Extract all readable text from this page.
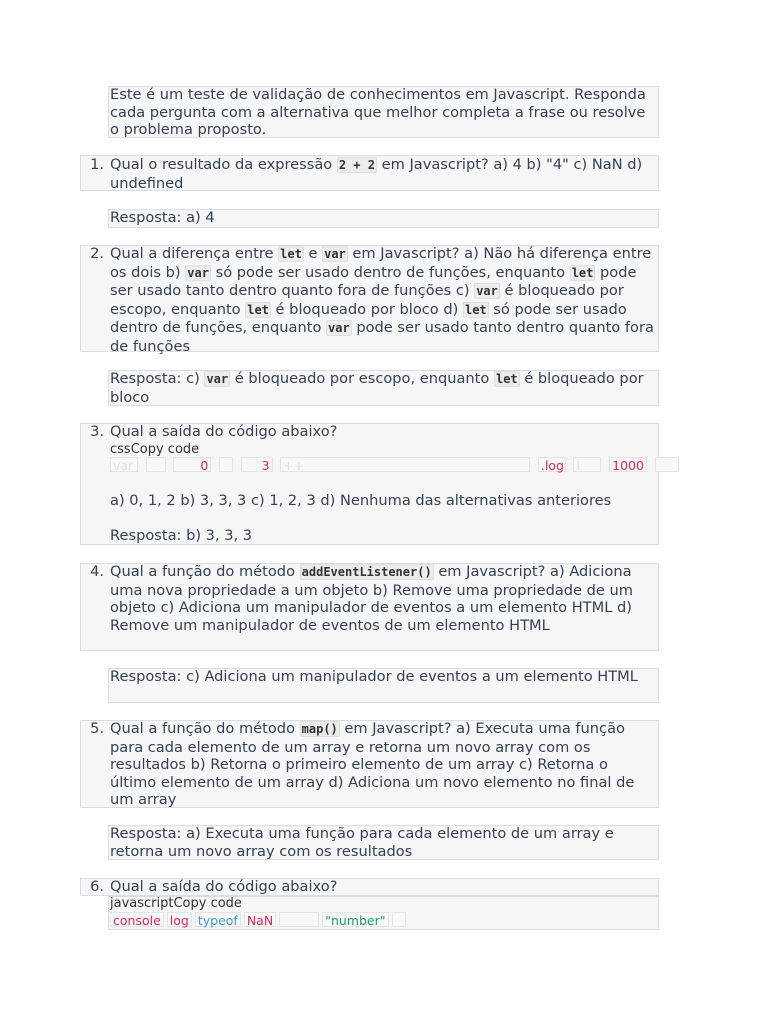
Este é um teste de validação de conhecimentos em Javascript. Responda cada pergunta com a alternativa que melhor completa a frase ou resolve o problema proposto.
1. Qual o resultado da expressão 2 + 2 em Javascript? a) 4 b) "4" c) NaN d) undefined
Resposta: a) 4
2. Qual a diferença entre let e var em Javascript? a) Não há diferença entre os dois b) var só pode ser usado dentro de funções, enquanto let pode ser usado tanto dentro quanto fora de funções c) var é bloqueado por escopo, enquanto let é bloqueado por bloco d) let só pode ser usado dentro de funções, enquanto var pode ser usado tanto dentro quanto fora de funções
Resposta: c) var é bloqueado por escopo, enquanto let é bloqueado por bloco
3. Qual a saída do código abaixo?
cssCopy code
var	0	3 ++	.log i	1000
a) 0, 1, 2 b) 3, 3, 3 c) 1, 2, 3 d) Nenhuma das alternativas anteriores
Resposta: b) 3, 3, 3
4. Qual a função do método addEventListener() em Javascript? a) Adiciona uma nova propriedade a um objeto b) Remove uma propriedade de um objeto c) Adiciona um manipulador de eventos a um elemento HTML d) Remove um manipulador de eventos de um elemento HTML
Resposta: c) Adiciona um manipulador de eventos a um elemento HTML
5. Qual a função do método map() em Javascript? a) Executa uma função para cada elemento de um array e retorna um novo array com os resultados b) Retorna o primeiro elemento de um array c) Retorna o último elemento de um array d) Adiciona um novo elemento no final de um array
Resposta: a) Executa uma função para cada elemento de um array e retorna um novo array com os resultados
6. Qual a saída do código abaixo?
javascriptCopy code
console log typeof NaN	"number"
